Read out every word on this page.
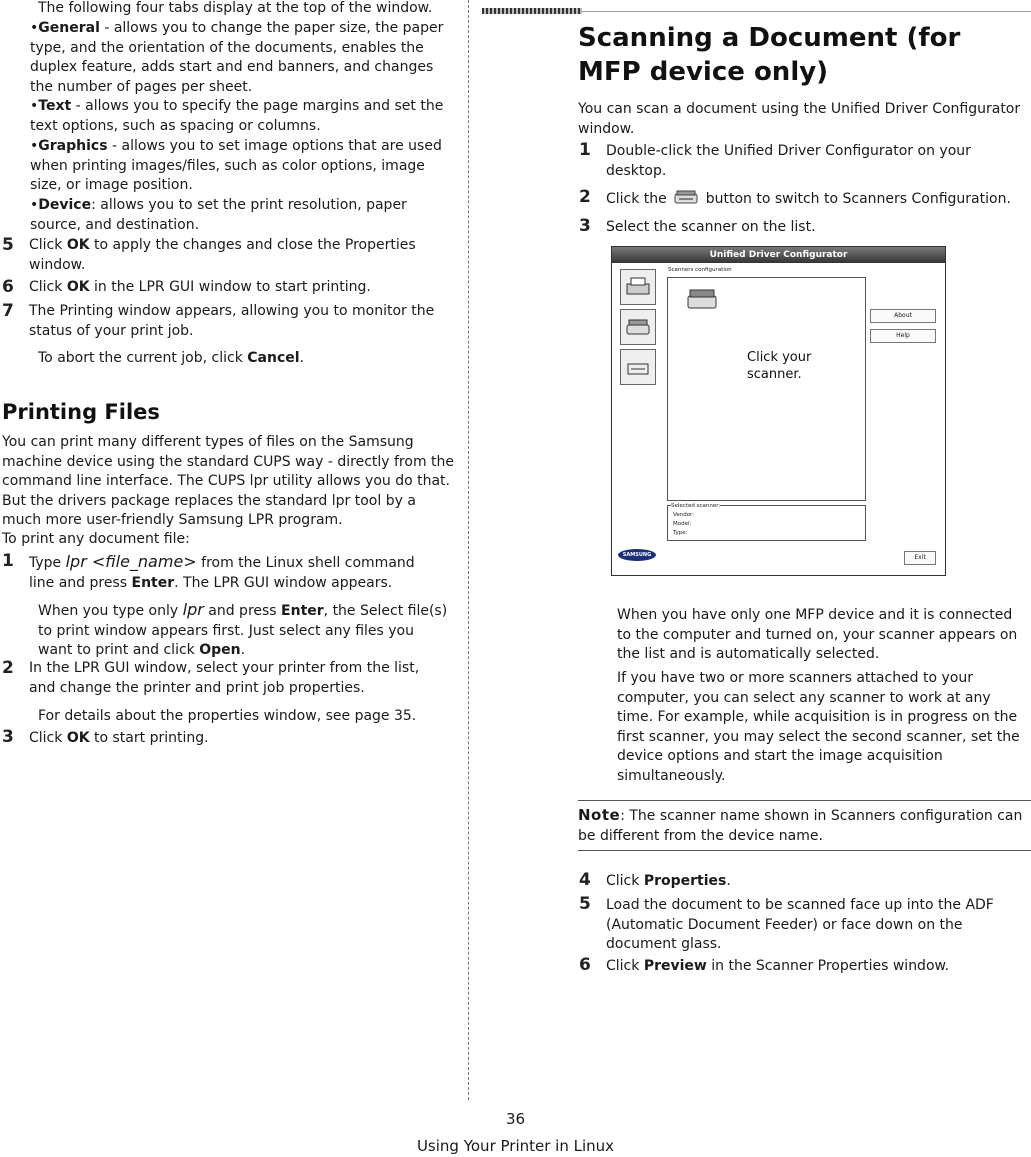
The following four tabs display at the top of the window.
•General - allows you to change the paper size, the paper type, and the orientation of the documents, enables the duplex feature, adds start and end banners, and changes the number of pages per sheet.
•Text - allows you to specify the page margins and set the text options, such as spacing or columns.
•Graphics - allows you to set image options that are used when printing images/files, such as color options, image size, or image position.
•Device: allows you to set the print resolution, paper source, and destination.
5 Click OK to apply the changes and close the Properties window.
6 Click OK in the LPR GUI window to start printing.
7 The Printing window appears, allowing you to monitor the status of your print job.
To abort the current job, click Cancel.
Printing Files
You can print many different types of files on the Samsung machine device using the standard CUPS way - directly from the command line interface. The CUPS lpr utility allows you do that. But the drivers package replaces the standard lpr tool by a much more user-friendly Samsung LPR program.
To print any document file:
1 Type lpr <file_name> from the Linux shell command line and press Enter. The LPR GUI window appears.
When you type only lpr and press Enter, the Select file(s) to print window appears first. Just select any files you want to print and click Open.
2 In the LPR GUI window, select your printer from the list, and change the printer and print job properties.
For details about the properties window, see page 35.
3 Click OK to start printing.
Scanning a Document (for MFP device only)
You can scan a document using the Unified Driver Configurator window.
1 Double-click the Unified Driver Configurator on your desktop.
2 Click the	button to switch to Scanners Configuration.
3 Select the scanner on the list.
Unified Driver Configurator
Scanners configuration
Click your scanner.
About
Help
Selected scanner:
Vendor:
Model:
Type:
SAMSUNG	Exit
When you have only one MFP device and it is connected to the computer and turned on, your scanner appears on the list and is automatically selected.
If you have two or more scanners attached to your computer, you can select any scanner to work at any time. For example, while acquisition is in progress on the first scanner, you may select the second scanner, set the device options and start the image acquisition simultaneously.
Note: The scanner name shown in Scanners configuration can be different from the device name.
4 Click Properties.
5 Load the document to be scanned face up into the ADF (Automatic Document Feeder) or face down on the document glass.
6 Click Preview in the Scanner Properties window.
36
Using Your Printer in Linux
